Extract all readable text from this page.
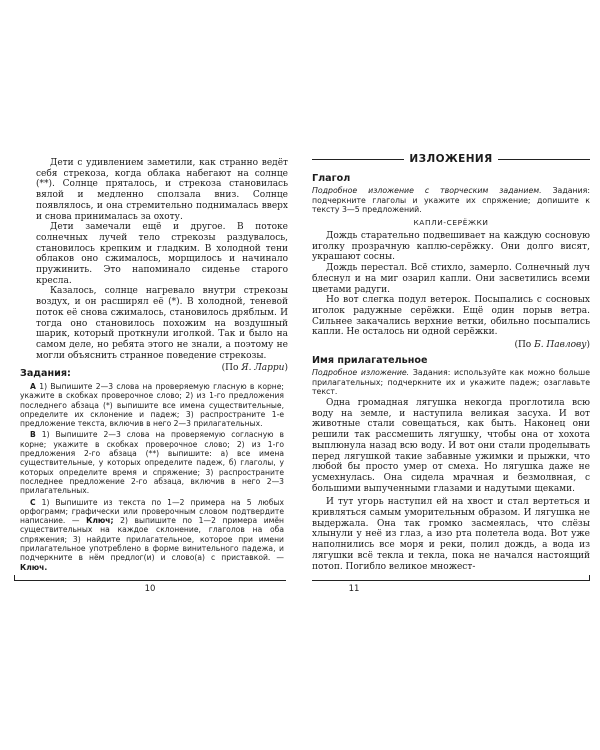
Дети с удивлением заметили, как странно ведёт себя стрекоза, когда облака набегают на солнце (**). Солнце пряталось, и стрекоза становилась вялой и медленно сползала вниз. Солнце появлялось, и она стремительно поднималась вверх и снова принималась за охоту.

Дети замечали ещё и другое. В потоке солнечных лучей тело стрекозы раздувалось, становилось крепким и гладким. В холодной тени облаков оно сжималось, морщилось и начинало пружинить. Это напоминало сиденье старого кресла.

Казалось, солнце нагревало внутри стрекозы воздух, и он расширял её (*). В холодной, теневой поток её снова сжималось, становилось дряблым. И тогда оно становилось похожим на воздушный шарик, который проткнули иголкой. Так и было на самом деле, но ребята этого не знали, а поэтому не могли объяснить странное поведение стрекозы.

(По Я. Ларри)
Задания:

А 1) Выпишите 2—3 слова на проверяемую гласную в корне; укажите в скобках проверочное слово; 2) из 1-го предложения последнего абзаца (*) выпишите все имена существительные, определите их склонение и падеж; 3) распространите 1-е предложение текста, включив в него 2—3 прилагательных.

В 1) Выпишите 2—3 слова на проверяемую согласную в корне; укажите в скобках проверочное слово; 2) из 1-го предложения 2-го абзаца (**) выпишите: а) все имена существительные, у которых определите падеж, б) глаголы, у которых определите время и спряжение; 3) распространите последнее предложение 2-го абзаца, включив в него 2—3 прилагательных.

С 1) Выпишите из текста по 1—2 примера на 5 любых орфограмм; графически или проверочным словом подтвердите написание. — Ключ; 2) выпишите по 1—2 примера имён существительных на каждое склонение, глаголов на оба спряжения; 3) найдите прилагательное, которое при имени прилагательное употреблено в форме винительного падежа, и подчеркните в нём предлог(и) и слово(а) с приставкой. — Ключ.

10
ИЗЛОЖЕНИЯ
Глагол
Подробное изложение с творческим заданием. Задания: подчеркните глаголы и укажите их спряжение; допишите к тексту 3—5 предложений.
КАПЛИ-СЕРЁЖКИ

Дождь старательно подвешивает на каждую сосновую иголку прозрачную каплю-серёжку. Они долго висят, украшают сосны.

Дождь перестал. Всё стихло, замерло. Солнечный луч блеснул и на миг озарил капли. Они засветились всеми цветами радуги.

Но вот слегка подул ветерок. Посыпались с сосновых иголок радужные серёжки. Ещё один порыв ветра. Сильнее закачались верхние ветки, обильно посыпались капли. Не осталось ни одной серёжки.

(По Б. Павлову)
Имя прилагательное
Подробное изложение. Задания: используйте как можно больше прилагательных; подчеркните их и укажите падеж; озаглавьте текст.

Одна громадная лягушка некогда проглотила всю воду на земле, и наступила великая засуха. И вот животные стали совещаться, как быть. Наконец они решили так рассмешить лягушку, чтобы она от хохота выплюнула назад всю воду. И вот они стали проделывать перед лягушкой такие забавные ужимки и прыжки, что любой бы просто умер от смеха. Но лягушка даже не усмехнулась. Она сидела мрачная и безмолвная, с большими выпученными глазами и надутыми щеками.

И тут угорь наступил ей на хвост и стал вертеться и кривляться самым уморительным образом. И лягушка не выдержала. Она так громко засмеялась, что слёзы хлынули у неё из глаз, а изо рта полетела вода. Вот уже наполнились все моря и реки, полил дождь, а вода из лягушки всё текла и текла, пока не начался настоящий потоп. Погибло великое множест-

11
